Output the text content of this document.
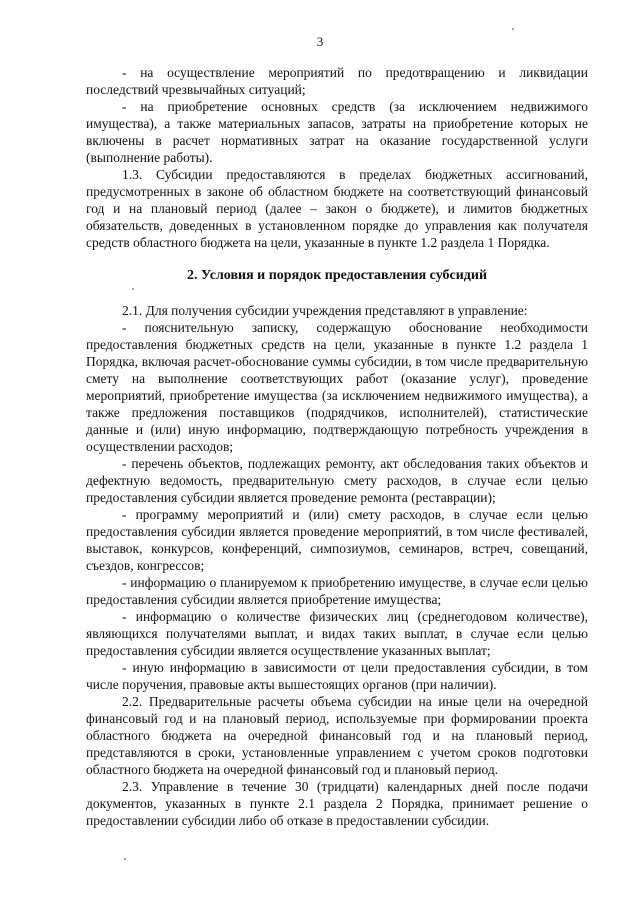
3

- на осуществление мероприятий по предотвращению и ликвидации последствий чрезвычайных ситуаций;

- на приобретение основных средств (за исключением недвижимого имущества), а также материальных запасов, затраты на приобретение которых не включены в расчет нормативных затрат на оказание государственной услуги (выполнение работы).

1.3. Субсидии предоставляются в пределах бюджетных ассигнований, предусмотренных в законе об областном бюджете на соответствующий финансовый год и на плановый период (далее – закон о бюджете), и лимитов бюджетных обязательств, доведенных в установленном порядке до управления как получателя средств областного бюджета на цели, указанные в пункте 1.2 раздела 1 Порядка.

2. Условия и порядок предоставления субсидий

2.1. Для получения субсидии учреждения представляют в управление:

- пояснительную записку, содержащую обоснование необходимости предоставления бюджетных средств на цели, указанные в пункте 1.2 раздела 1 Порядка, включая расчет-обоснование суммы субсидии, в том числе предварительную смету на выполнение соответствующих работ (оказание услуг), проведение мероприятий, приобретение имущества (за исключением недвижимого имущества), а также предложения поставщиков (подрядчиков, исполнителей), статистические данные и (или) иную информацию, подтверждающую потребность учреждения в осуществлении расходов;

- перечень объектов, подлежащих ремонту, акт обследования таких объектов и дефектную ведомость, предварительную смету расходов, в случае если целью предоставления субсидии является проведение ремонта (реставрации);

- программу мероприятий и (или) смету расходов, в случае если целью предоставления субсидии является проведение мероприятий, в том числе фестивалей, выставок, конкурсов, конференций, симпозиумов, семинаров, встреч, совещаний, съездов, конгрессов;

- информацию о планируемом к приобретению имуществе, в случае если целью предоставления субсидии является приобретение имущества;

- информацию о количестве физических лиц (среднегодовом количестве), являющихся получателями выплат, и видах таких выплат, в случае если целью предоставления субсидии является осуществление указанных выплат;

- иную информацию в зависимости от цели предоставления субсидии, в том числе поручения, правовые акты вышестоящих органов (при наличии).

2.2. Предварительные расчеты объема субсидии на иные цели на очередной финансовый год и на плановый период, используемые при формировании проекта областного бюджета на очередной финансовый год и на плановый период, представляются в сроки, установленные управлением с учетом сроков подготовки областного бюджета на очередной финансовый год и плановый период.

2.3. Управление в течение 30 (тридцати) календарных дней после подачи документов, указанных в пункте 2.1 раздела 2 Порядка, принимает решение о предоставлении субсидии либо об отказе в предоставлении субсидии.
